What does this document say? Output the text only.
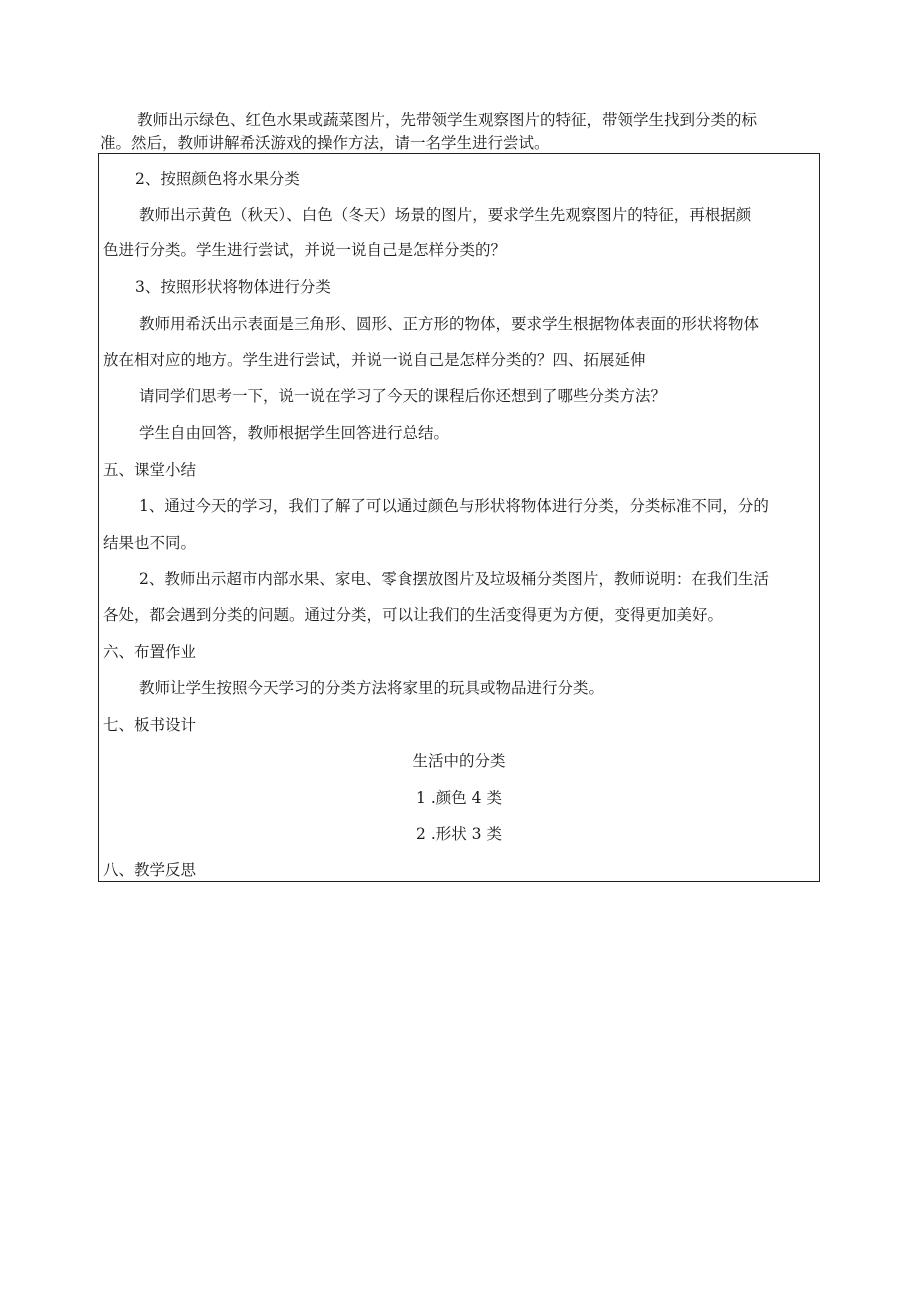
教师出示绿色、红色水果或蔬菜图片，先带领学生观察图片的特征，带领学生找到分类的标

准。然后，教师讲解希沃游戏的操作方法，请一名学生进行尝试。

2、按照颜色将水果分类

教师出示黄色（秋天）、白色（冬天）场景的图片，要求学生先观察图片的特征，再根据颜

色进行分类。学生进行尝试，并说一说自己是怎样分类的？

3、按照形状将物体进行分类

教师用希沃出示表面是三角形、圆形、正方形的物体，要求学生根据物体表面的形状将物体

放在相对应的地方。学生进行尝试，并说一说自己是怎样分类的？四、拓展延伸

请同学们思考一下，说一说在学习了今天的课程后你还想到了哪些分类方法？

学生自由回答，教师根据学生回答进行总结。

五、课堂小结

1、通过今天的学习，我们了解了可以通过颜色与形状将物体进行分类，分类标准不同，分的

结果也不同。

2、教师出示超市内部水果、家电、零食摆放图片及垃圾桶分类图片，教师说明：在我们生活

各处，都会遇到分类的问题。通过分类，可以让我们的生活变得更为方便，变得更加美好。

六、布置作业

教师让学生按照今天学习的分类方法将家里的玩具或物品进行分类。

七、板书设计

生活中的分类

1 .颜色 4 类

2 .形状 3 类

八、教学反思
